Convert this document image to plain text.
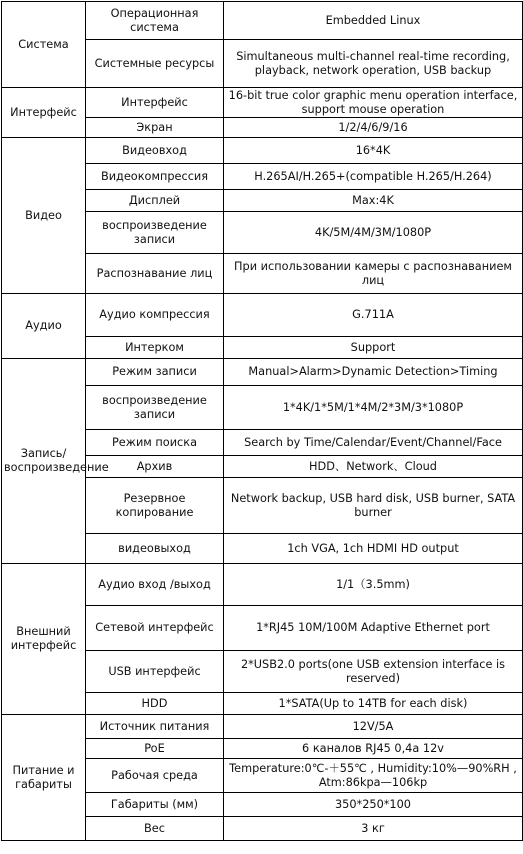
Система	Операционная система	Embedded Linux
	Системные ресурсы	Simultaneous multi-channel real-time recording, playback, network operation, USB backup
Интерфейс	Интерфейс	16-bit true color graphic menu operation interface, support mouse operation
	Экран	1/2/4/6/9/16
Видео	Видеовход	16*4K
	Видеокомпрессия	H.265AI/H.265+(compatible H.265/H.264)
	Дисплей	Max:4K
	воспроизведение записи	4K/5M/4M/3M/1080P
	Распознавание лиц	При использовании камеры с распознаванием лиц
Аудио	Аудио компрессия	G.711A
	Интерком	Support
Запись/воспроизведение	Режим записи	Manual>Alarm>Dynamic Detection>Timing
	воспроизведение записи	1*4K/1*5M/1*4M/2*3M/3*1080P
	Режим поиска	Search by Time/Calendar/Event/Channel/Face
	Архив	HDD、Network、Cloud
	Резервное копирование	Network backup, USB hard disk, USB burner, SATA burner
	видеовыход	1ch VGA, 1ch HDMI HD output
Внешний интерфейс	Аудио вход /выход	1/1（3.5mm)
	Сетевой интерфейс	1*RJ45 10M/100M Adaptive Ethernet port
	USB интерфейс	2*USB2.0 ports(one USB extension interface is reserved)
	HDD	1*SATA(Up to 14TB for each disk)
Питание и габариты	Источник питания	12V/5A
	PoE	6 каналов RJ45 0,4a 12v
	Рабочая среда	Temperature:0℃-＋55℃ , Humidity:10%—90%RH , Atm:86kpa—106kp
	Габариты (мм)	350*250*100
	Вес	3 кг
